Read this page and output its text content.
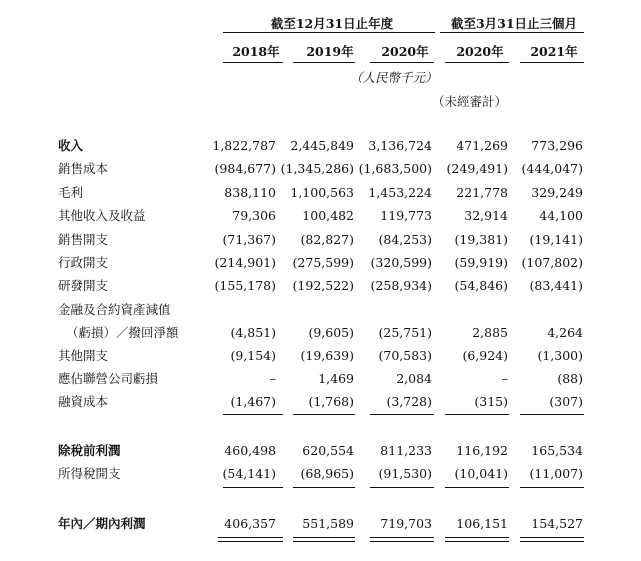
截至12月31日止年度	截至3月31日止三個月
2018年	2019年	2020年	2020年	2021年
（人民幣千元）
（未經審計）
收入	1,822,787	2,445,849	3,136,724	471,269	773,296
銷售成本	(984,677) (1,345,286) (1,683,500)	(249,491)	(444,047)
毛利	838,110	1,100,563	1,453,224	221,778	329,249
其他收入及收益	79,306	100,482	119,773	32,914	44,100
銷售開支	(71,367)	(82,827)	(84,253)	(19,381)	(19,141)
行政開支	(214,901)	(275,599)	(320,599)	(59,919)	(107,802)
研發開支	(155,178)	(192,522)	(258,934)	(54,846)	(83,441)
金融及合約資產減值
（虧損）／撥回淨額	(4,851)	(9,605)	(25,751)	2,885	4,264
其他開支	(9,154)	(19,639)	(70,583)	(6,924)	(1,300)
應佔聯營公司虧損	–	1,469	2,084	–	(88)
融資成本	(1,467)	(1,768)	(3,728)	(315)	(307)
除稅前利潤	460,498	620,554	811,233	116,192	165,534
所得稅開支	(54,141)	(68,965)	(91,530)	(10,041)	(11,007)
年內／期內利潤	406,357	551,589	719,703	106,151	154,527
